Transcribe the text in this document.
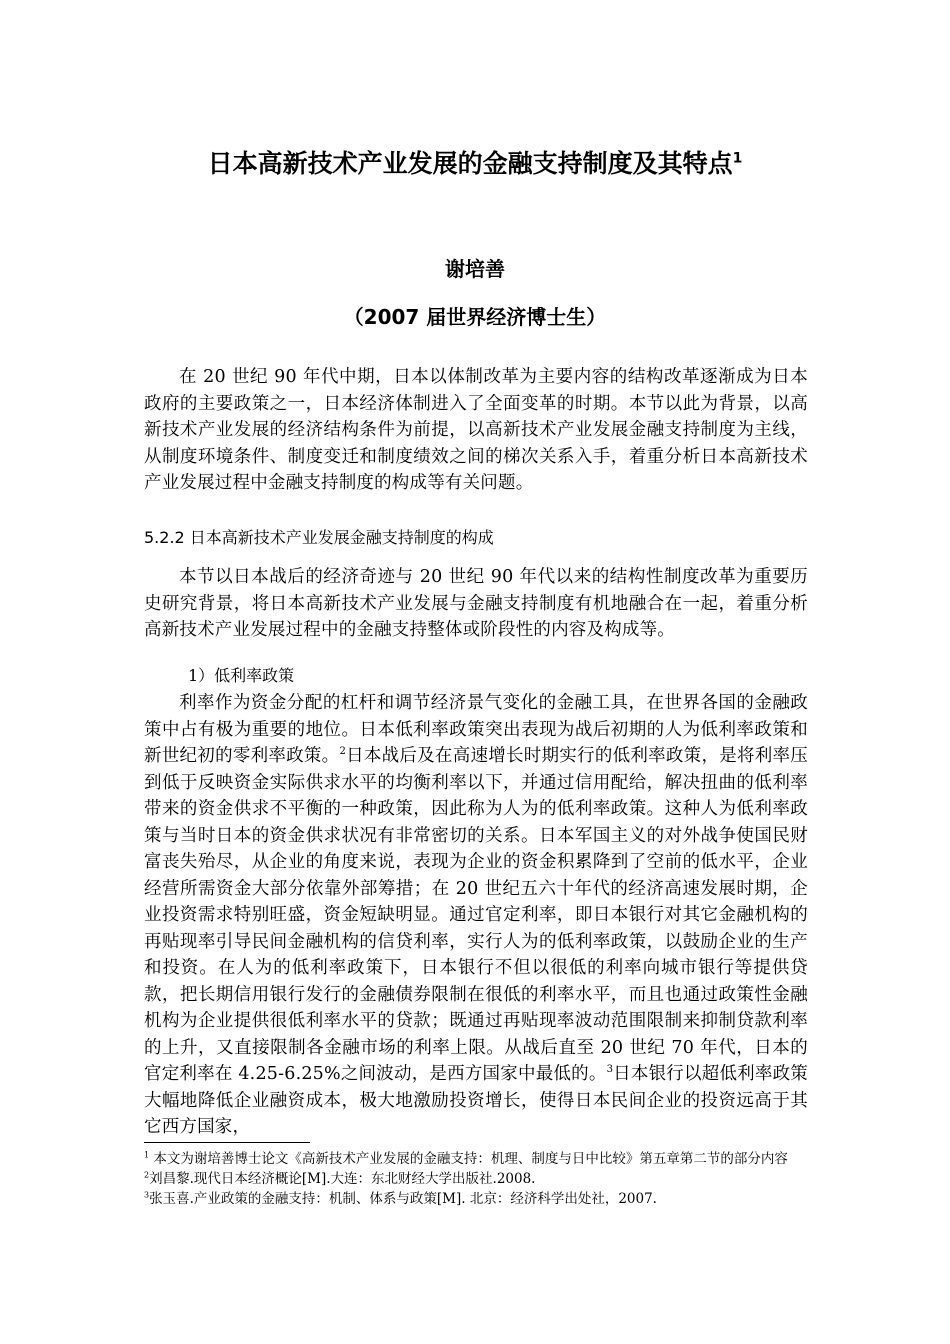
日本高新技术产业发展的金融支持制度及其特点$^1$
谢培善
（2007 届世界经济博士生）

在 20 世纪 90 年代中期，日本以体制改革为主要内容的结构改革逐渐成为日本政府的主要政策之一，日本经济体制进入了全面变革的时期。本节以此为背景，以高新技术产业发展的经济结构条件为前提，以高新技术产业发展金融支持制度为主线，从制度环境条件、制度变迁和制度绩效之间的梯次关系入手，着重分析日本高新技术产业发展过程中金融支持制度的构成等有关问题。

5.2.2 日本高新技术产业发展金融支持制度的构成

本节以日本战后的经济奇迹与 20 世纪 90 年代以来的结构性制度改革为重要历史研究背景，将日本高新技术产业发展与金融支持制度有机地融合在一起，着重分析高新技术产业发展过程中的金融支持整体或阶段性的内容及构成等。

1）低利率政策

利率作为资金分配的杠杆和调节经济景气变化的金融工具，在世界各国的金融政策中占有极为重要的地位。日本低利率政策突出表现为战后初期的人为低利率政策和新世纪初的零利率政策。$^2$日本战后及在高速增长时期实行的低利率政策，是将利率压到低于反映资金实际供求水平的均衡利率以下，并通过信用配给，解决扭曲的低利率带来的资金供求不平衡的一种政策，因此称为人为的低利率政策。这种人为低利率政策与当时日本的资金供求状况有非常密切的关系。日本军国主义的对外战争使国民财富丧失殆尽，从企业的角度来说，表现为企业的资金积累降到了空前的低水平，企业经营所需资金大部分依靠外部筹措；在 20 世纪五六十年代的经济高速发展时期，企业投资需求特别旺盛，资金短缺明显。通过官定利率，即日本银行对其它金融机构的再贴现率引导民间金融机构的信贷利率，实行人为的低利率政策，以鼓励企业的生产和投资。在人为的低利率政策下，日本银行不但以很低的利率向城市银行等提供贷款，把长期信用银行发行的金融债券限制在很低的利率水平，而且也通过政策性金融机构为企业提供很低利率水平的贷款；既通过再贴现率波动范围限制来抑制贷款利率的上升，又直接限制各金融市场的利率上限。从战后直至 20 世纪 70 年代，日本的官定利率在 4.25-6.25%之间波动，是西方国家中最低的。$^3$日本银行以超低利率政策大幅地降低企业融资成本，极大地激励投资增长，使得日本民间企业的投资远高于其它西方国家，

$^1$ 本文为谢培善博士论文《高新技术产业发展的金融支持：机理、制度与日中比较》第五章第二节的部分内容

$^2$刘昌黎.现代日本经济概论[M].大连：东北财经大学出版社.2008.

$^3$张玉喜.产业政策的金融支持：机制、体系与政策[M]. 北京：经济科学出处社，2007.
